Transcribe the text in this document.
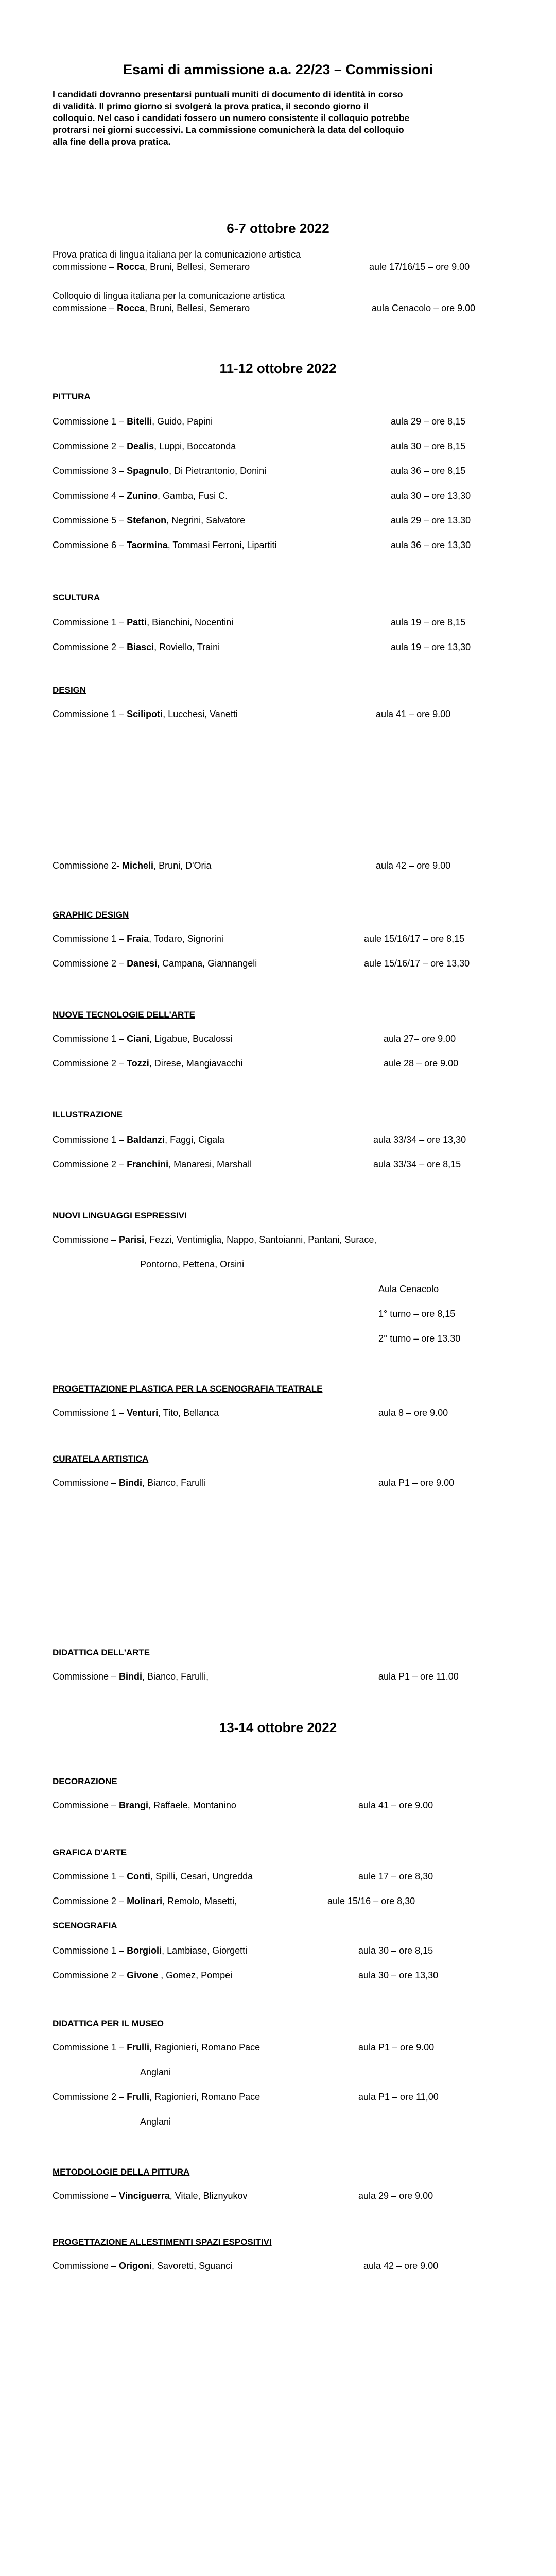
Esami di ammissione a.a. 22/23 – Commissioni
I candidati dovranno presentarsi puntuali muniti di documento di identità in corso
di validità. Il primo giorno si svolgerà la prova pratica, il secondo giorno il
colloquio. Nel caso i candidati fossero un numero consistente il colloquio potrebbe
protrarsi nei giorni successivi. La commissione comunicherà la data del colloquio
alla fine della prova pratica.
6-7 ottobre 2022
Prova pratica di lingua italiana per la comunicazione artistica
commissione – Rocca, Bruni, Bellesi, Semeraro	aule 17/16/15 – ore 9.00
Colloquio di lingua italiana per la comunicazione artistica
commissione – Rocca, Bruni, Bellesi, Semeraro	aula Cenacolo – ore 9.00
11-12 ottobre 2022
PITTURA
Commissione 1 – Bitelli, Guido, Papini	aula 29 – ore 8,15
Commissione 2 – Dealis, Luppi, Boccatonda	aula 30 – ore 8,15
Commissione 3 – Spagnulo, Di Pietrantonio, Donini	aula 36 – ore 8,15
Commissione 4 – Zunino, Gamba, Fusi C.	aula 30 – ore 13,30
Commissione 5 – Stefanon, Negrini, Salvatore	aula 29 – ore 13.30
Commissione 6 – Taormina, Tommasi Ferroni, Lipartiti	aula 36 – ore 13,30
SCULTURA
Commissione 1 – Patti, Bianchini, Nocentini	aula 19 – ore 8,15
Commissione 2 – Biasci, Roviello, Traini	aula 19 – ore 13,30
DESIGN
Commissione 1 – Scilipoti, Lucchesi, Vanetti	aula 41 – ore 9.00
Commissione 2- Micheli, Bruni, D'Oria	aula 42 – ore 9.00
GRAPHIC DESIGN
Commissione 1 – Fraia, Todaro, Signorini	aule 15/16/17 – ore 8,15
Commissione 2 – Danesi, Campana, Giannangeli	aule 15/16/17 – ore 13,30
NUOVE TECNOLOGIE DELL'ARTE
Commissione 1 – Ciani, Ligabue, Bucalossi	aula 27– ore 9.00
Commissione 2 – Tozzi, Direse, Mangiavacchi	aule 28 – ore 9.00
ILLUSTRAZIONE
Commissione 1 – Baldanzi, Faggi, Cigala	aula 33/34 – ore 13,30
Commissione 2 – Franchini, Manaresi, Marshall	aula 33/34 – ore 8,15
NUOVI LINGUAGGI ESPRESSIVI
Commissione – Parisi, Fezzi, Ventimiglia, Nappo, Santoianni, Pantani, Surace,
Pontorno, Pettena, Orsini
Aula Cenacolo
1° turno – ore 8,15
2° turno – ore 13.30
PROGETTAZIONE PLASTICA PER LA SCENOGRAFIA TEATRALE
Commissione 1 – Venturi, Tito, Bellanca	aula 8 – ore 9.00
CURATELA ARTISTICA
Commissione – Bindi, Bianco, Farulli	aula P1 – ore 9.00
DIDATTICA DELL'ARTE
Commissione – Bindi, Bianco, Farulli,	aula P1 – ore 11.00
13-14 ottobre 2022
DECORAZIONE
Commissione – Brangi, Raffaele, Montanino	aula 41 – ore 9.00
GRAFICA D'ARTE
Commissione 1 – Conti, Spilli, Cesari, Ungredda	aule 17 – ore 8,30
Commissione 2 – Molinari, Remolo, Masetti,	aule 15/16 – ore 8,30
SCENOGRAFIA
Commissione 1 – Borgioli, Lambiase, Giorgetti	aula 30 – ore 8,15
Commissione 2 – Givone , Gomez, Pompei	aula 30 – ore 13,30
DIDATTICA PER IL MUSEO
Commissione 1 – Frulli, Ragionieri, Romano Pace	aula P1 – ore 9.00
Anglani
Commissione 2 – Frulli, Ragionieri, Romano Pace	aula P1 – ore 11,00
Anglani
METODOLOGIE DELLA PITTURA
Commissione – Vinciguerra, Vitale, Bliznyukov	aula 29 – ore 9.00
PROGETTAZIONE ALLESTIMENTI SPAZI ESPOSITIVI
Commissione – Origoni, Savoretti, Sguanci	aula 42 – ore 9.00
